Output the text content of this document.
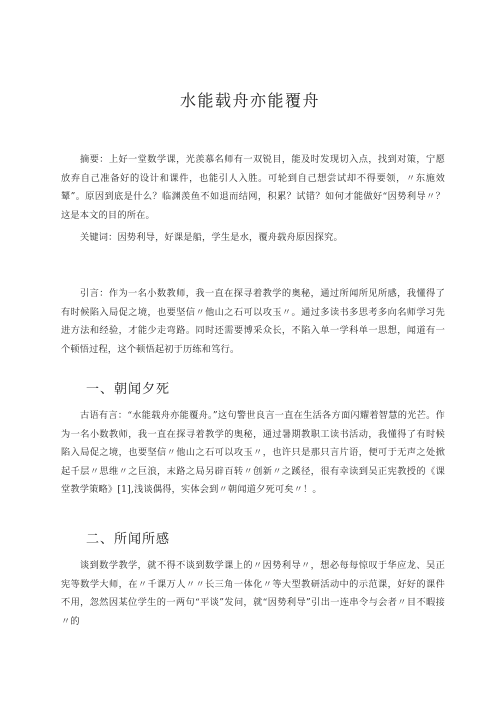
水能载舟亦能覆舟

摘要：上好一堂数学课，光羡慕名师有一双锐目，能及时发现切入点，找到对策，宁愿放弃自己准备好的设计和课件，也能引人入胜。可轮到自己想尝试却不得要领，〃东施效颦”。原因到底是什么？临渊羡鱼不如退而结网，积累？试错？如何才能做好“因势利导〃？这是本文的目的所在。

关键词：因势利导，好课是船，学生是水，覆舟载舟原因探究。

引言：作为一名小数教师，我一直在探寻着教学的奥秘，通过所闻所见所感，我懂得了有时候陷入局促之境，也要坚信〃他山之石可以攻玉〃。通过多读书多思考多向名师学习先进方法和经验，才能少走弯路。同时还需要博采众长，不陷入单一学科单一思想，闻道有一个顿悟过程，这个顿悟起初于历练和笃行。

一、朝闻夕死

古语有言：“水能载舟亦能覆舟。”这句警世良言一直在生活各方面闪耀着智慧的光芒。作为一名小数教师，我一直在探寻着教学的奥秘，通过暑期教职工读书活动，我懂得了有时候陷入局促之境，也要坚信〃他山之石可以攻玉〃，也许只是那只言片语，便可于无声之处掀起千层〃思维〃之巨浪，末路之局另辟百转〃创新〃之蹊径，很有幸读到吴正宪教授的《课堂教学策略》[1],浅谈偶得，实体会到〃朝闻道夕死可矣〃！。

二、所闻所感

谈到数学教学，就不得不谈到数学课上的〃因势利导〃，想必每每惊叹于华应龙、吴正宪等数学大师，在〃千课万人〃〃长三角一体化〃等大型教研活动中的示范课，好好的课件不用，忽然因某位学生的一两句“平谈”发问，就“因势利导”引出一连串令与会者〃目不暇接〃的
